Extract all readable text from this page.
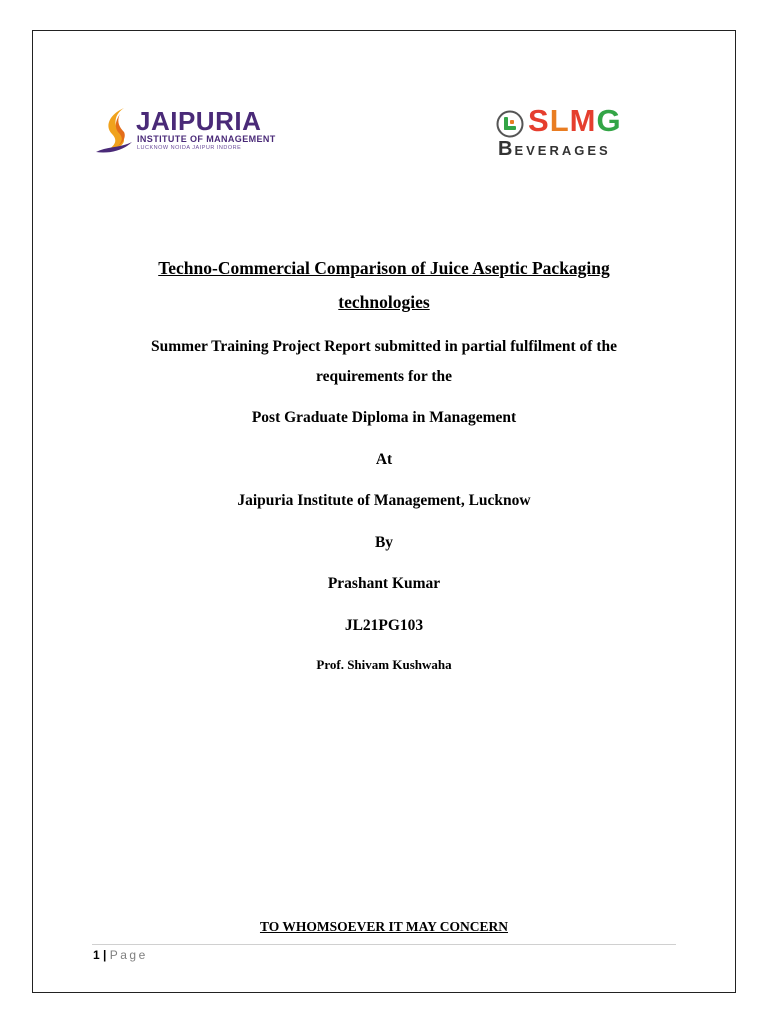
JAIPURIA
INSTITUTE OF MANAGEMENT
LUCKNOW NOIDA JAIPUR INDORE
SLMG
BEVERAGES
Techno-Commercial Comparison of Juice Aseptic Packaging
technologies
Summer Training Project Report submitted in partial fulfilment of the
requirements for the
Post Graduate Diploma in Management
At
Jaipuria Institute of Management, Lucknow
By
Prashant Kumar
JL21PG103
Prof. Shivam Kushwaha
TO WHOMSOEVER IT MAY CONCERN
1 | Page
